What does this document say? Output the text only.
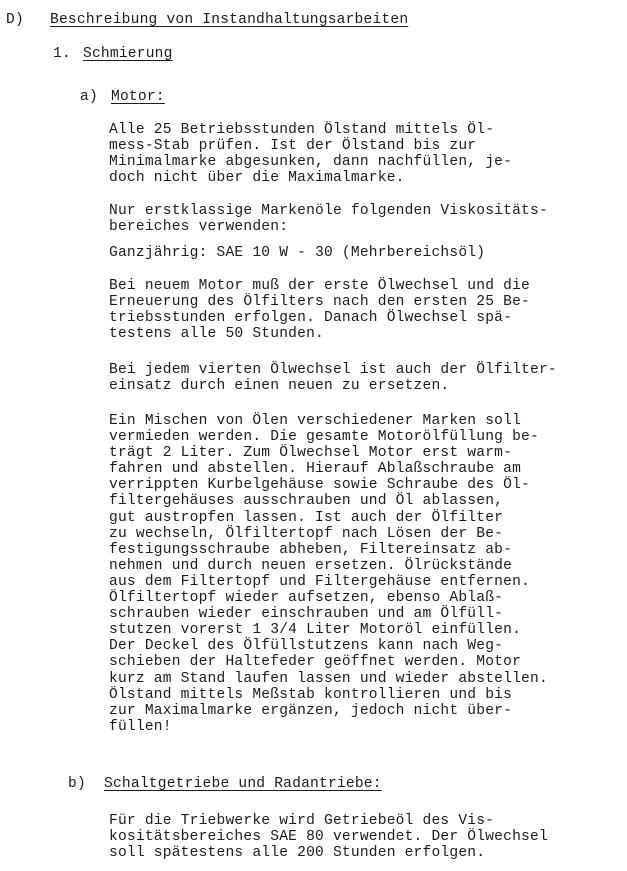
D) Beschreibung von Instandhaltungsarbeiten
1. Schmierung
a) Motor:
Alle 25 Betriebsstunden Ölstand mittels Öl-
mess-Stab prüfen. Ist der Ölstand bis zur
Minimalmarke abgesunken, dann nachfüllen, je-
doch nicht über die Maximalmarke.
Nur erstklassige Markenöle folgenden Viskositäts-
bereiches verwenden:
Ganzjährig: SAE 10 W - 30 (Mehrbereichsöl)
Bei neuem Motor muß der erste Ölwechsel und die
Erneuerung des Ölfilters nach den ersten 25 Be-
triebsstunden erfolgen. Danach Ölwechsel spä-
testens alle 50 Stunden.
Bei jedem vierten Ölwechsel ist auch der Ölfilter-
einsatz durch einen neuen zu ersetzen.
Ein Mischen von Ölen verschiedener Marken soll
vermieden werden. Die gesamte Motorölfüllung be-
trägt 2 Liter. Zum Ölwechsel Motor erst warm-
fahren und abstellen. Hierauf Ablaßschraube am
verrippten Kurbelgehäuse sowie Schraube des Öl-
filtergehäuses ausschrauben und Öl ablassen,
gut austropfen lassen. Ist auch der Ölfilter
zu wechseln, Ölfiltertopf nach Lösen der Be-
festigungsschraube abheben, Filtereinsatz ab-
nehmen und durch neuen ersetzen. Ölrückstände
aus dem Filtertopf und Filtergehäuse entfernen.
Ölfiltertopf wieder aufsetzen, ebenso Ablaß-
schrauben wieder einschrauben und am Ölfüll-
stutzen vorerst 1 3/4 Liter Motoröl einfüllen.
Der Deckel des Ölfüllstutzens kann nach Weg-
schieben der Haltefeder geöffnet werden. Motor
kurz am Stand laufen lassen und wieder abstellen.
Ölstand mittels Meßstab kontrollieren und bis
zur Maximalmarke ergänzen, jedoch nicht über-
füllen!
b) Schaltgetriebe und Radantriebe:
Für die Triebwerke wird Getriebeöl des Vis-
kositätsbereiches SAE 80 verwendet. Der Ölwechsel
soll spätestens alle 200 Stunden erfolgen.
